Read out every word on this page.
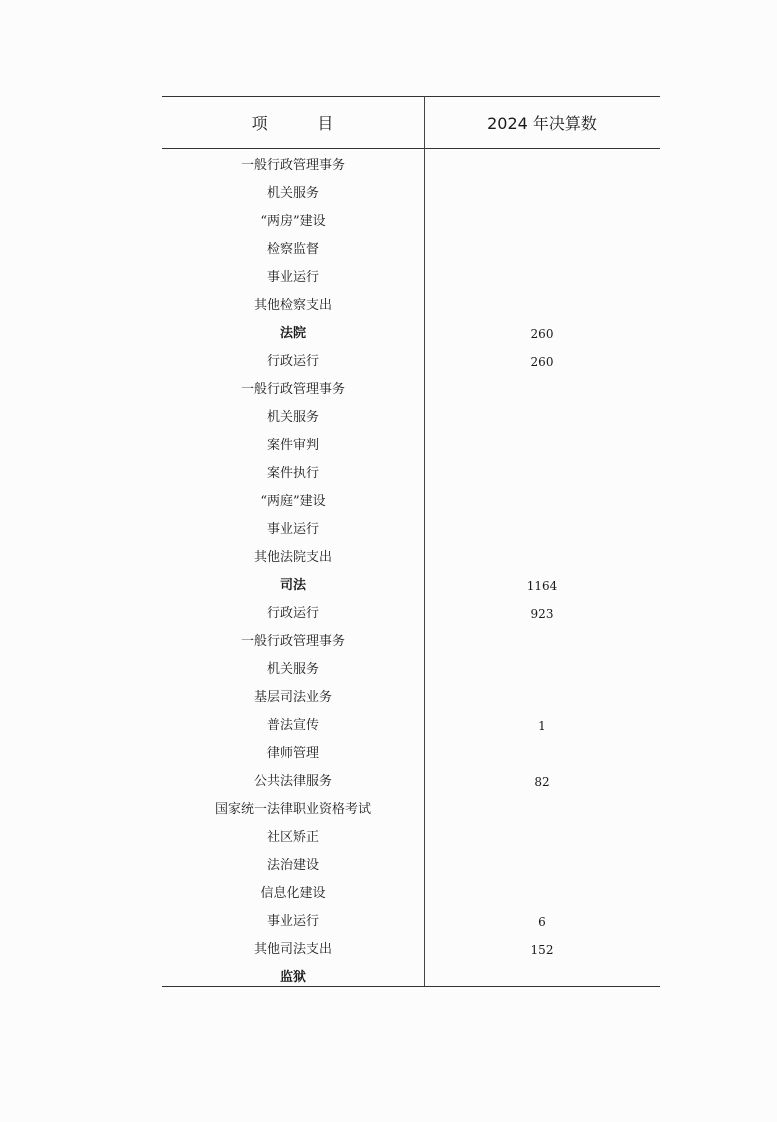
项        目	2024 年决算数
一般行政管理事务
机关服务
“两房”建设
检察监督
事业运行
其他检察支出
法院	260
行政运行	260
一般行政管理事务
机关服务
案件审判
案件执行
“两庭”建设
事业运行
其他法院支出
司法	1164
行政运行	923
一般行政管理事务
机关服务
基层司法业务
普法宣传	1
律师管理
公共法律服务	82
国家统一法律职业资格考试
社区矫正
法治建设
信息化建设
事业运行	6
其他司法支出	152
监狱
